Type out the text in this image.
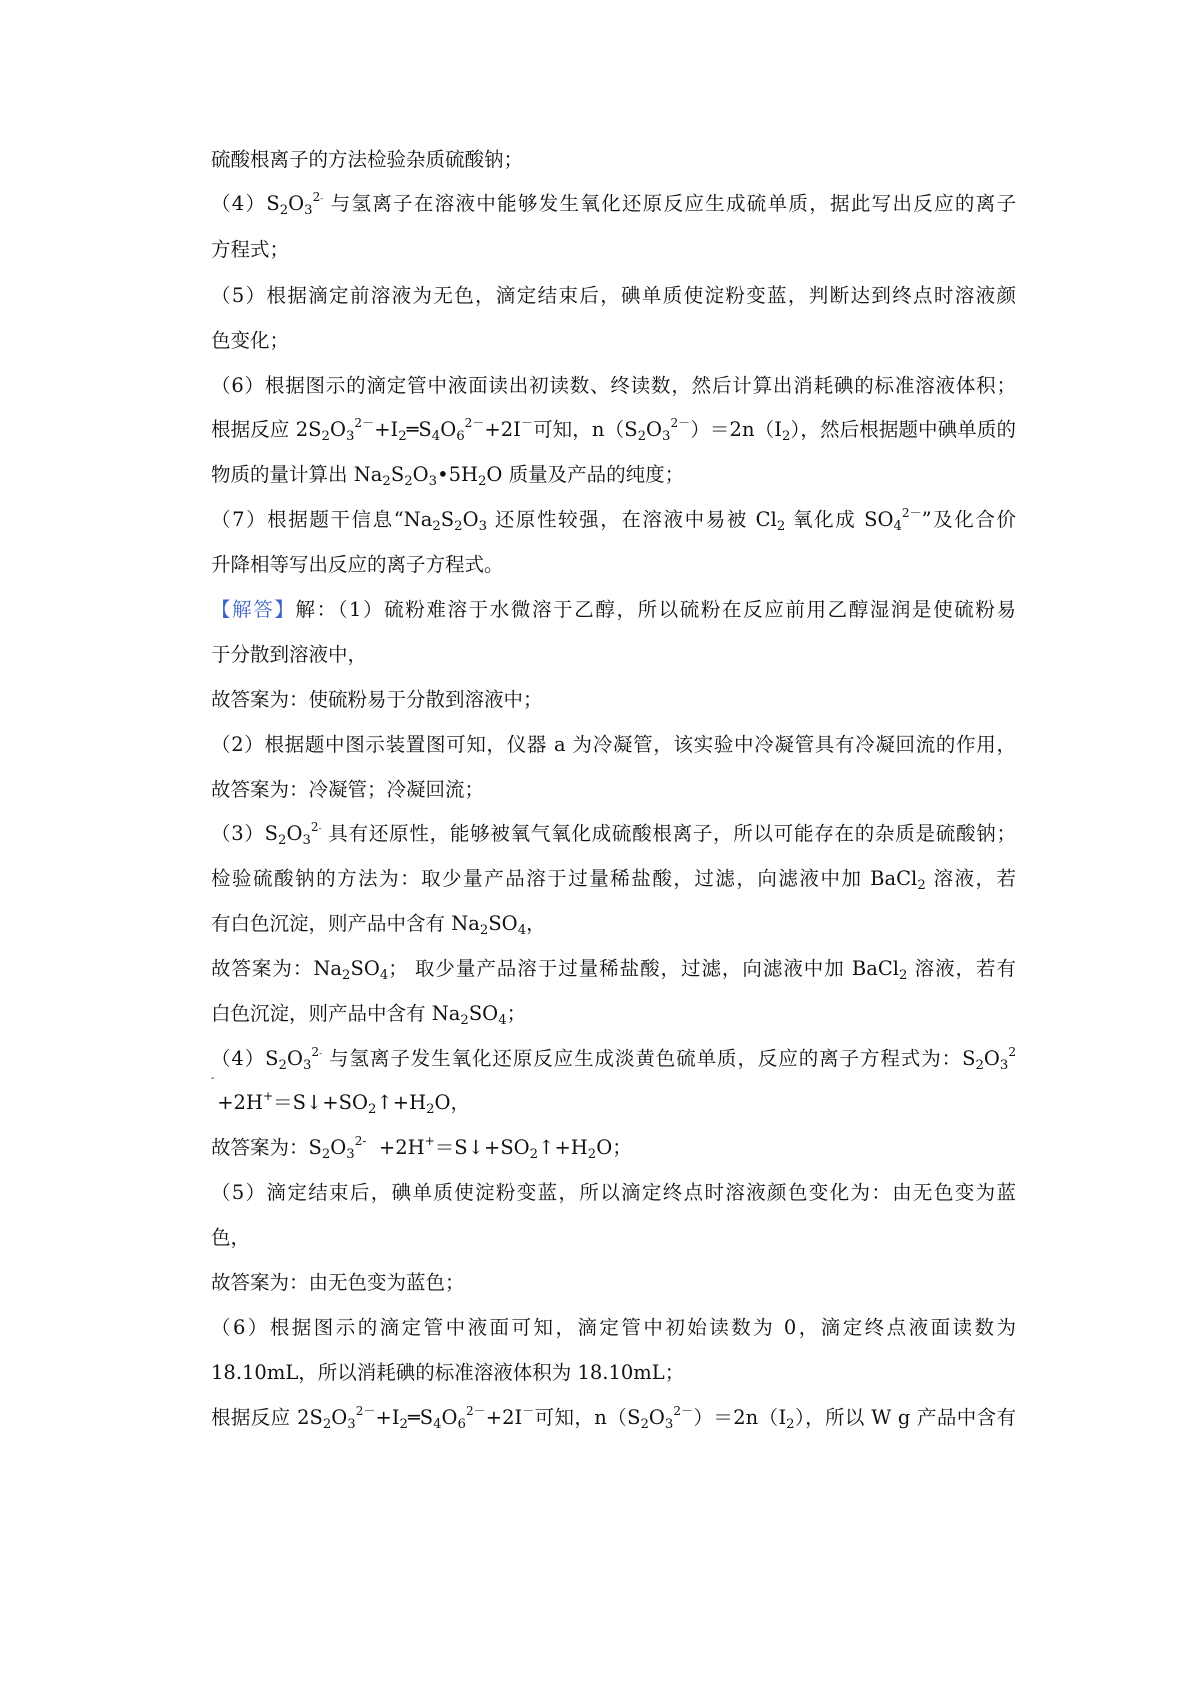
硫酸根离子的方法检验杂质硫酸钠；
$(4)S_2O_3^{2-}$ 与氢离子在溶液中能够发生氧化还原反应生成硫单质，据此写出反应的离子
方程式；
（5）根据滴定前溶液为无色，滴定结束后，碘单质使淀粉变蓝，判断达到终点时溶液颜
色变化；
（6）根据图示的滴定管中液面读出初读数、终读数，然后计算出消耗碘的标准溶液体积；
根据反应 $2S_2O_3^{2-}+I_2═S_4O_6^{2-}+2I^-$可知，$n(S_2O_3^{2-})=2n(I_2)$，然后根据题中碘单质的
物质的量计算出 $Na_2S_2O_3•5H_2O$ 质量及产品的纯度；
（7）根据题干信息“$Na_2S_2O_3$ 还原性较强，在溶液中易被 $Cl_2$ 氧化成 $SO_4^{2-}$”及化合价
升降相等写出反应的离子方程式。
【解答】解：（1）硫粉难溶于水微溶于乙醇，所以硫粉在反应前用乙醇湿润是使硫粉易
于分散到溶液中，
故答案为：使硫粉易于分散到溶液中；
（2）根据题中图示装置图可知，仪器 a 为冷凝管，该实验中冷凝管具有冷凝回流的作用，
故答案为：冷凝管；冷凝回流；
$(3)S_2O_3^{2-}$ 具有还原性，能够被氧气氧化成硫酸根离子，所以可能存在的杂质是硫酸钠；
检验硫酸钠的方法为：取少量产品溶于过量稀盐酸，过滤，向滤液中加 BaCl$_2$ 溶液，若
有白色沉淀，则产品中含有 $Na_2SO_4$，
故答案为：$Na_2SO_4$； 取少量产品溶于过量稀盐酸，过滤，向滤液中加 BaCl$_2$ 溶液，若有
白色沉淀，则产品中含有 $Na_2SO_4$；
$(4)S_2O_3^{2-}$ 与氢离子发生氧化还原反应生成淡黄色硫单质，反应的离子方程式为：$S_2O_3^2$
-
$+2H^+=S↓+SO_2↑+H_2O$，
故答案为：$S_2O_3^{2-}$  $+2H^+=S↓+SO_2↑+H_2O$；
（5）滴定结束后，碘单质使淀粉变蓝，所以滴定终点时溶液颜色变化为：由无色变为蓝
色，
故答案为：由无色变为蓝色；
（6）根据图示的滴定管中液面可知，滴定管中初始读数为 0，滴定终点液面读数为
18.10mL，所以消耗碘的标准溶液体积为 18.10mL；
根据反应 $2S_2O_3^{2-}+I_2═S_4O_6^{2-}+2I^-$可知，$n(S_2O_3^{2-})=2n(I_2)$，所以 W g 产品中含有
